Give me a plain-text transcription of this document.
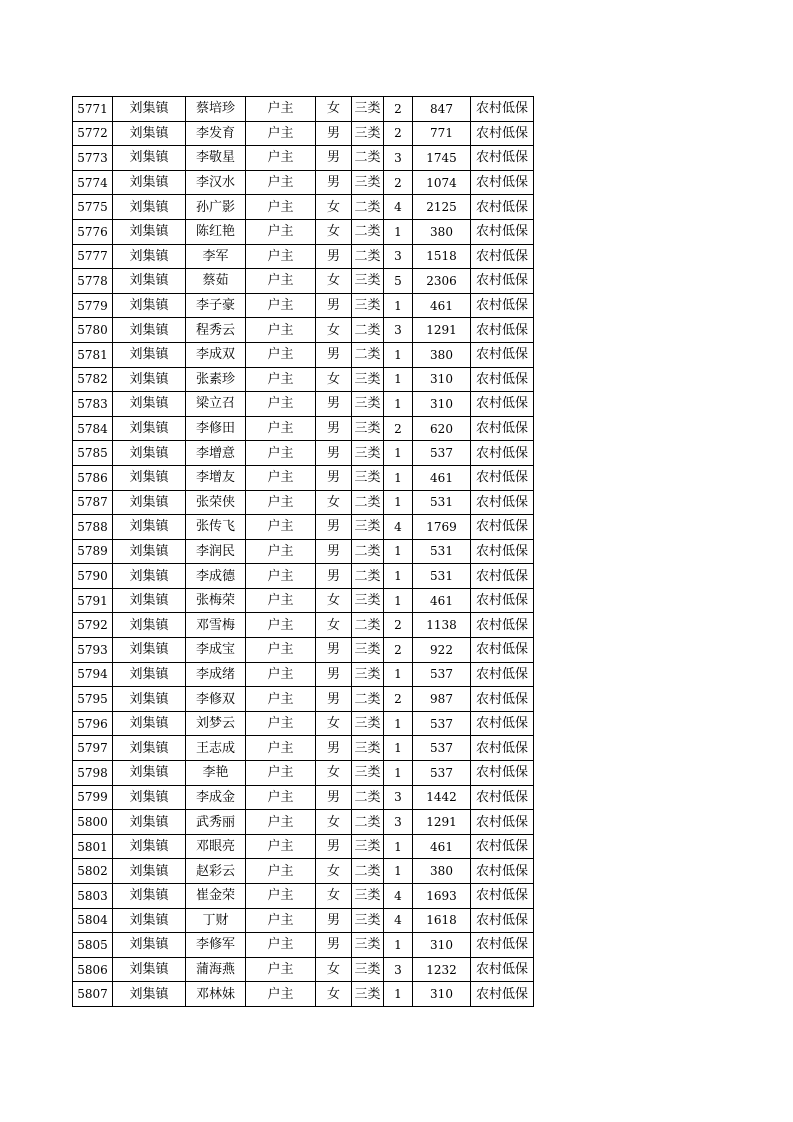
5771	刘集镇	蔡培珍	户主	女	三类	2	847	农村低保
5772	刘集镇	李发育	户主	男	三类	2	771	农村低保
5773	刘集镇	李敬星	户主	男	二类	3	1745	农村低保
5774	刘集镇	李汉水	户主	男	三类	2	1074	农村低保
5775	刘集镇	孙广影	户主	女	二类	4	2125	农村低保
5776	刘集镇	陈红艳	户主	女	二类	1	380	农村低保
5777	刘集镇	李军	户主	男	二类	3	1518	农村低保
5778	刘集镇	蔡茹	户主	女	三类	5	2306	农村低保
5779	刘集镇	李子豪	户主	男	三类	1	461	农村低保
5780	刘集镇	程秀云	户主	女	二类	3	1291	农村低保
5781	刘集镇	李成双	户主	男	二类	1	380	农村低保
5782	刘集镇	张素珍	户主	女	三类	1	310	农村低保
5783	刘集镇	梁立召	户主	男	三类	1	310	农村低保
5784	刘集镇	李修田	户主	男	三类	2	620	农村低保
5785	刘集镇	李增意	户主	男	三类	1	537	农村低保
5786	刘集镇	李增友	户主	男	三类	1	461	农村低保
5787	刘集镇	张荣侠	户主	女	二类	1	531	农村低保
5788	刘集镇	张传飞	户主	男	三类	4	1769	农村低保
5789	刘集镇	李润民	户主	男	二类	1	531	农村低保
5790	刘集镇	李成德	户主	男	二类	1	531	农村低保
5791	刘集镇	张梅荣	户主	女	三类	1	461	农村低保
5792	刘集镇	邓雪梅	户主	女	二类	2	1138	农村低保
5793	刘集镇	李成宝	户主	男	三类	2	922	农村低保
5794	刘集镇	李成绪	户主	男	三类	1	537	农村低保
5795	刘集镇	李修双	户主	男	二类	2	987	农村低保
5796	刘集镇	刘梦云	户主	女	三类	1	537	农村低保
5797	刘集镇	王志成	户主	男	三类	1	537	农村低保
5798	刘集镇	李艳	户主	女	三类	1	537	农村低保
5799	刘集镇	李成金	户主	男	二类	3	1442	农村低保
5800	刘集镇	武秀丽	户主	女	二类	3	1291	农村低保
5801	刘集镇	邓眼亮	户主	男	三类	1	461	农村低保
5802	刘集镇	赵彩云	户主	女	二类	1	380	农村低保
5803	刘集镇	崔金荣	户主	女	三类	4	1693	农村低保
5804	刘集镇	丁财	户主	男	三类	4	1618	农村低保
5805	刘集镇	李修军	户主	男	三类	1	310	农村低保
5806	刘集镇	蒲海燕	户主	女	三类	3	1232	农村低保
5807	刘集镇	邓林妹	户主	女	三类	1	310	农村低保
